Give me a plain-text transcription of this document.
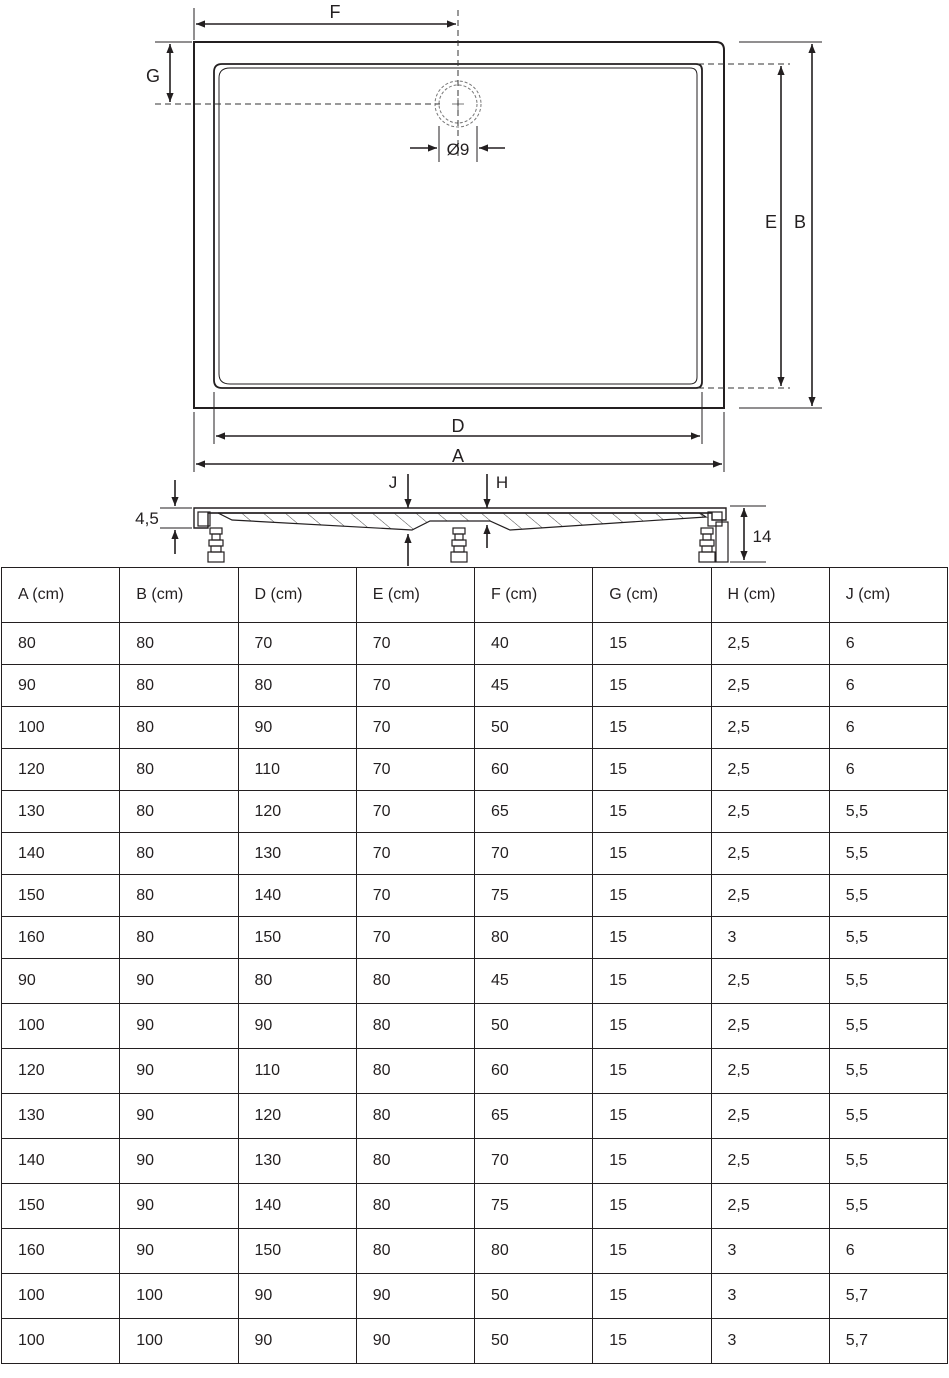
F
G
E B
D
A
Ø9
4,5
14
J	H
A (cm)	B (cm)	D (cm)	E (cm)	F (cm)	G (cm)	H (cm)	J (cm)
80	80	70	70	40	15	2,5	6
90	80	80	70	45	15	2,5	6
100	80	90	70	50	15	2,5	6
120	80	110	70	60	15	2,5	6
130	80	120	70	65	15	2,5	5,5
140	80	130	70	70	15	2,5	5,5
150	80	140	70	75	15	2,5	5,5
160	80	150	70	80	15	3	5,5
90	90	80	80	45	15	2,5	5,5
100	90	90	80	50	15	2,5	5,5
120	90	110	80	60	15	2,5	5,5
130	90	120	80	65	15	2,5	5,5
140	90	130	80	70	15	2,5	5,5
150	90	140	80	75	15	2,5	5,5
160	90	150	80	80	15	3	6
100	100	90	90	50	15	3	5,7
100	100	90	90	50	15	3	5,7
